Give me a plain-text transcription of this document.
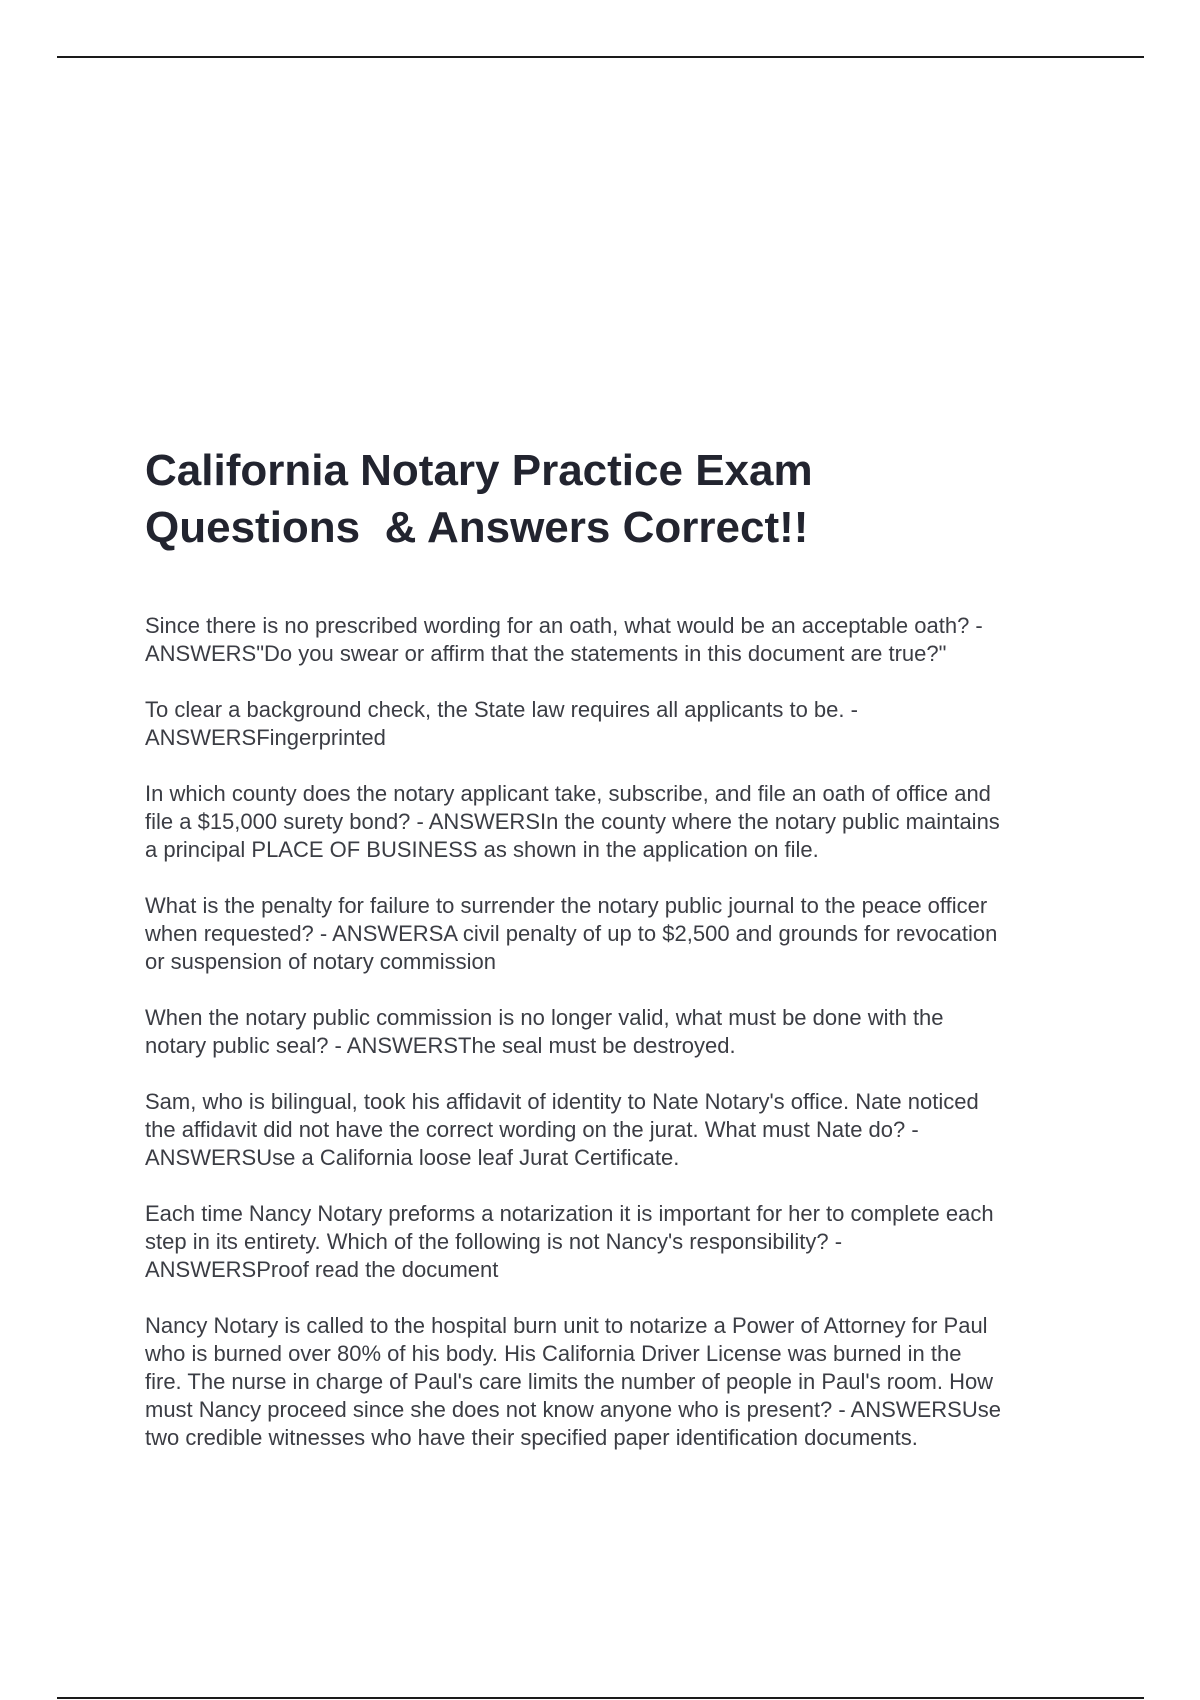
California Notary Practice Exam
Questions  & Answers Correct!!

Since there is no prescribed wording for an oath, what would be an acceptable oath? -
ANSWERS"Do you swear or affirm that the statements in this document are true?"

To clear a background check, the State law requires all applicants to be. -
ANSWERSFingerprinted

In which county does the notary applicant take, subscribe, and file an oath of office and
file a $15,000 surety bond? - ANSWERSIn the county where the notary public maintains
a principal PLACE OF BUSINESS as shown in the application on file.

What is the penalty for failure to surrender the notary public journal to the peace officer
when requested? - ANSWERSA civil penalty of up to $2,500 and grounds for revocation
or suspension of notary commission

When the notary public commission is no longer valid, what must be done with the
notary public seal? - ANSWERSThe seal must be destroyed.

Sam, who is bilingual, took his affidavit of identity to Nate Notary's office. Nate noticed
the affidavit did not have the correct wording on the jurat. What must Nate do? -
ANSWERSUse a California loose leaf Jurat Certificate.

Each time Nancy Notary preforms a notarization it is important for her to complete each
step in its entirety. Which of the following is not Nancy's responsibility? -
ANSWERSProof read the document

Nancy Notary is called to the hospital burn unit to notarize a Power of Attorney for Paul
who is burned over 80% of his body. His California Driver License was burned in the
fire. The nurse in charge of Paul's care limits the number of people in Paul's room. How
must Nancy proceed since she does not know anyone who is present? - ANSWERSUse
two credible witnesses who have their specified paper identification documents.
